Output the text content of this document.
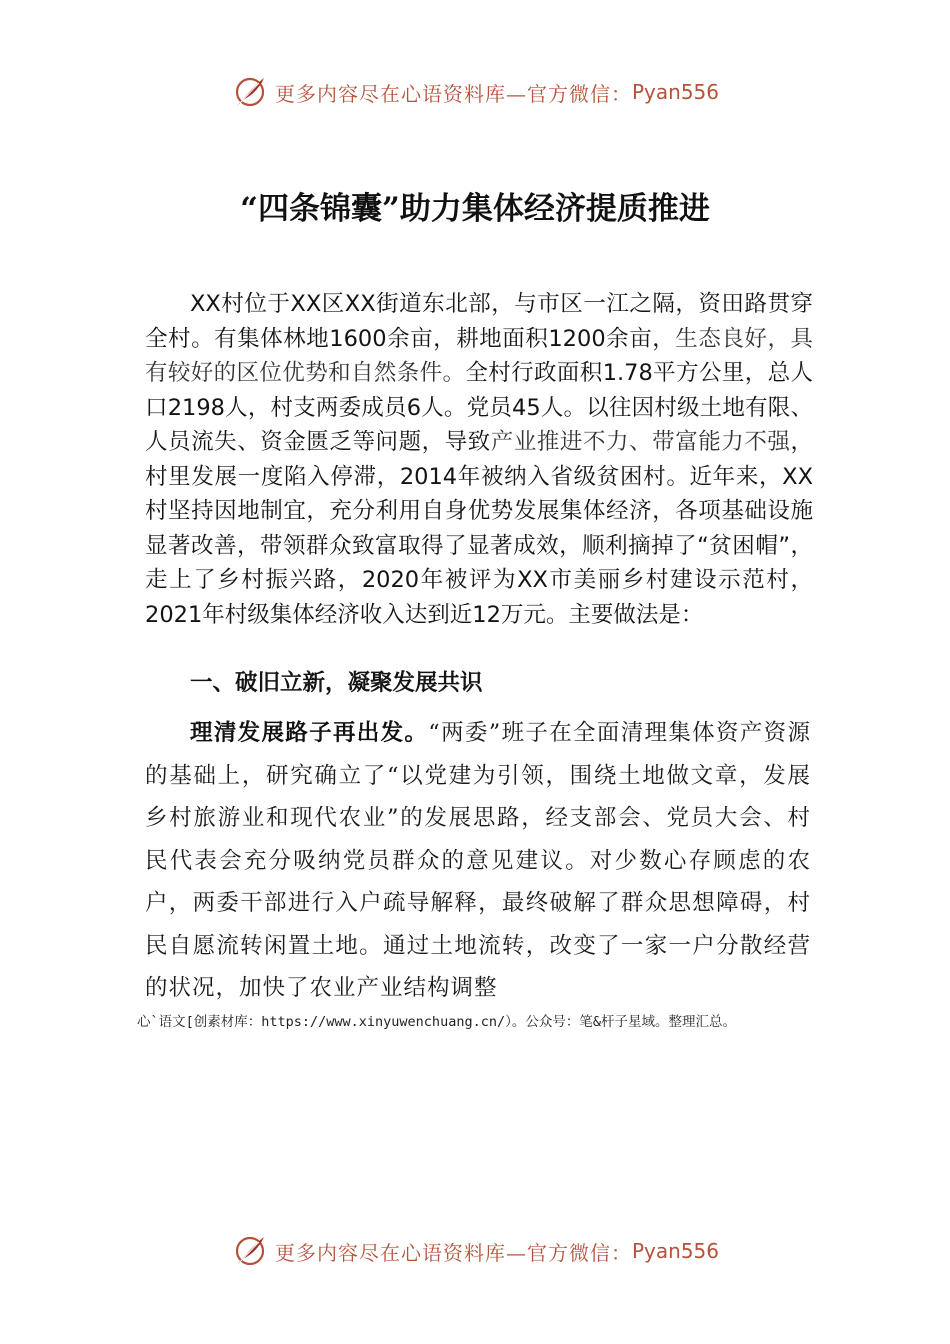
更多内容尽在心语资料库—官方微信： Pyan556
“四条锦囊”助力集体经济提质推进

XX村位于XX区XX街道东北部，与市区一江之隔，资田路贯穿全村。有集体林地1600余亩，耕地面积1200余亩，生态良好，具有较好的区位优势和自然条件。全村行政面积1.78平方公里，总人口2198人，村支两委成员6人。党员45人。以往因村级土地有限、人员流失、资金匮乏等问题，导致产业推进不力、带富能力不强，村里发展一度陷入停滞，2014年被纳入省级贫困村。近年来，XX村坚持因地制宜，充分利用自身优势发展集体经济，各项基础设施显著改善，带领群众致富取得了显著成效，顺利摘掉了“贫困帽”，走上了乡村振兴路，2020年被评为XX市美丽乡村建设示范村，2021年村级集体经济收入达到近12万元。主要做法是：

一、破旧立新，凝聚发展共识

理清发展路子再出发。“两委”班子在全面清理集体资产资源的基础上，研究确立了“以党建为引领，围绕土地做文章，发展乡村旅游业和现代农业”的发展思路，经支部会、党员大会、村民代表会充分吸纳党员群众的意见建议。对少数心存顾虑的农户，两委干部进行入户疏导解释，最终破解了群众思想障碍，村民自愿流转闲置土地。通过土地流转，改变了一家一户分散经营的状况，加快了农业产业结构调整

心`语文[创素材库：https://www.xinyuwenchuang.cn/）。公众号：笔&杆子星域。整理汇总。

更多内容尽在心语资料库—官方微信： Pyan556
